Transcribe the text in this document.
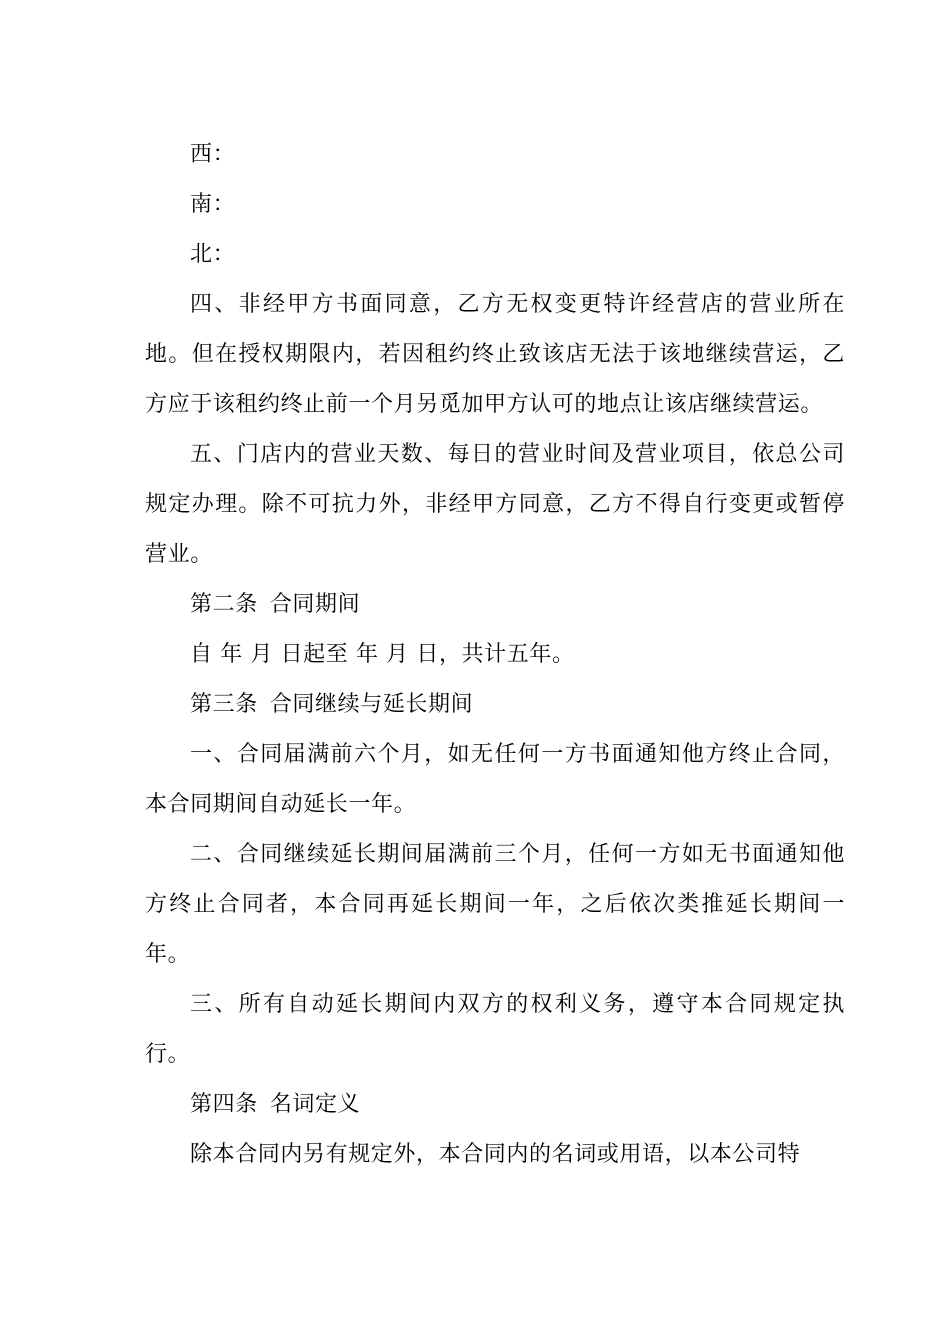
西：

南：

北：

四、非经甲方书面同意，乙方无权变更特许经营店的营业所在地。但在授权期限内，若因租约终止致该店无法于该地继续营运，乙方应于该租约终止前一个月另觅加甲方认可的地点让该店继续营运。

五、门店内的营业天数、每日的营业时间及营业项目，依总公司规定办理。除不可抗力外，非经甲方同意，乙方不得自行变更或暂停营业。

第二条 合同期间

自 年 月 日起至 年 月 日，共计五年。

第三条 合同继续与延长期间

一、合同届满前六个月，如无任何一方书面通知他方终止合同，本合同期间自动延长一年。

二、合同继续延长期间届满前三个月，任何一方如无书面通知他方终止合同者，本合同再延长期间一年，之后依次类推延长期间一年。

三、所有自动延长期间内双方的权利义务，遵守本合同规定执行。

第四条 名词定义

除本合同内另有规定外，本合同内的名词或用语，以本公司特
